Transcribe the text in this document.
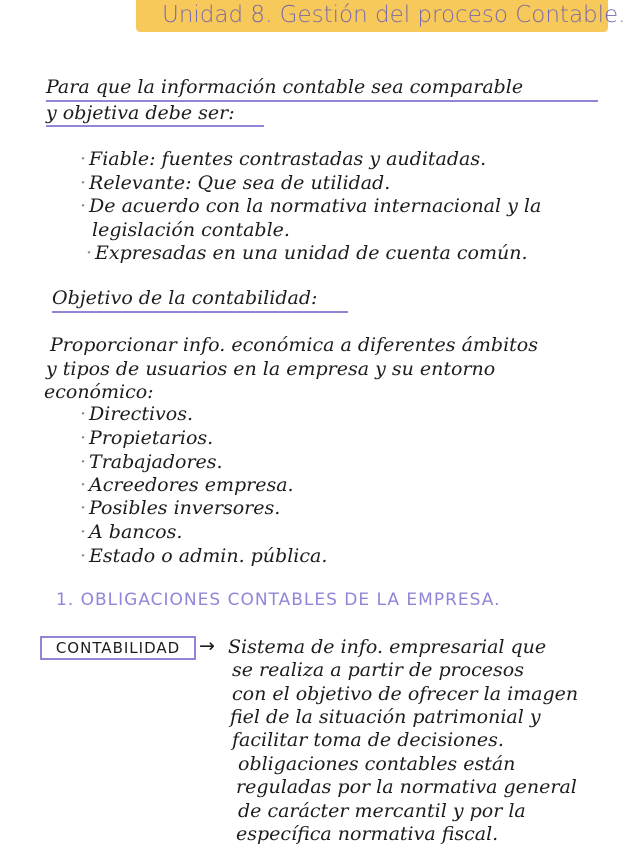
Unidad 8. Gestión del proceso Contable.
Para que la información contable sea comparable
y objetiva debe ser:
· Fiable: fuentes contrastadas y auditadas.
· Relevante: Que sea de utilidad.
· De acuerdo con la normativa internacional y la
legislación contable.
· Expresadas en una unidad de cuenta común.
Objetivo de la contabilidad:
Proporcionar info. económica a diferentes ámbitos
y tipos de usuarios en la empresa y su entorno
económico:
· Directivos.
· Propietarios.
· Trabajadores.
· Acreedores empresa.
· Posibles inversores.
· A bancos.
· Estado o admin. pública.
1. OBLIGACIONES CONTABLES DE LA EMPRESA.
CONTABILIDAD → Sistema de info. empresarial que
se realiza a partir de procesos
con el objetivo de ofrecer la imagen
fiel de la situación patrimonial y
facilitar toma de decisiones.
obligaciones contables están
reguladas por la normativa general
de carácter mercantil y por la
específica normativa fiscal.
